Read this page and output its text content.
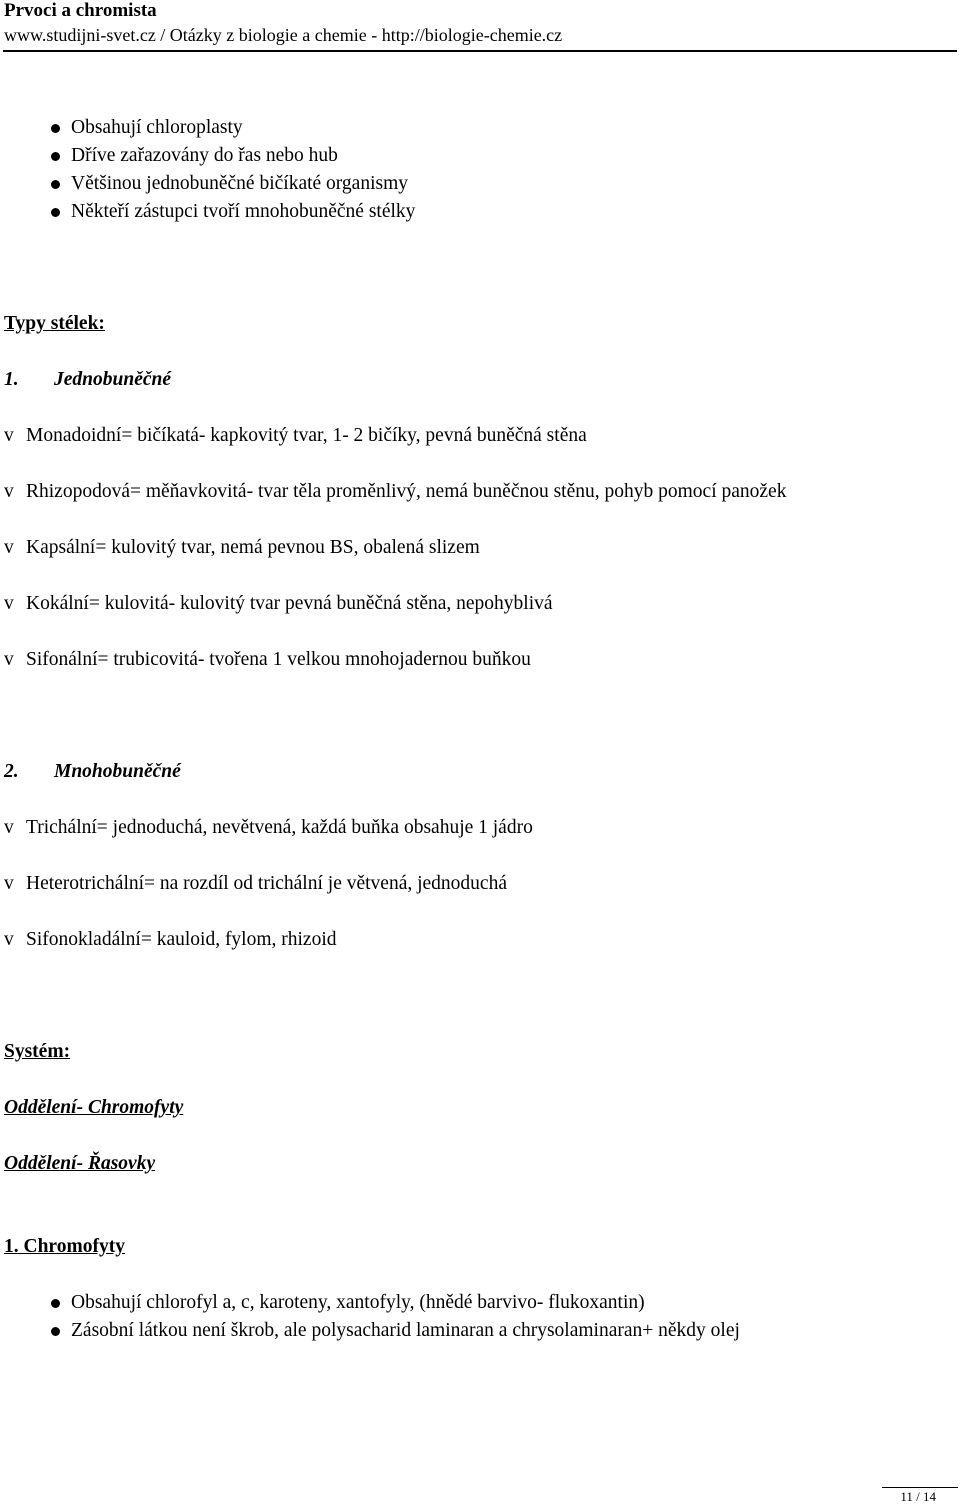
Prvoci a chromista
www.studijni-svet.cz / Otázky z biologie a chemie - http://biologie-chemie.cz
Obsahují chloroplasty
Dříve zařazovány do řas nebo hub
Většinou jednobuněčné bičíkaté organismy
Někteří zástupci tvoří mnohobuněčné stélky
Typy stélek:
1. Jednobuněčné
v Monadoidní= bičíkatá- kapkovitý tvar, 1- 2 bičíky, pevná buněčná stěna
v Rhizopodová= měňavkovitá- tvar těla proměnlivý, nemá buněčnou stěnu, pohyb pomocí panožek
v Kapsální= kulovitý tvar, nemá pevnou BS, obalená slizem
v Kokální= kulovitá- kulovitý tvar pevná buněčná stěna, nepohyblivá
v Sifonální= trubicovitá- tvořena 1 velkou mnohojadernou buňkou
2. Mnohobuněčné
v Trichální= jednoduchá, nevětvená, každá buňka obsahuje 1 jádro
v Heterotrichální= na rozdíl od trichální je větvená, jednoduchá
v Sifonokladální= kauloid, fylom, rhizoid
Systém:
Oddělení- Chromofyty
Oddělení- Řasovky
1. Chromofyty
Obsahují chlorofyl a, c, karoteny, xantofyly, (hnědé barvivo- flukoxantin)
Zásobní látkou není škrob, ale polysacharid laminaran a chrysolaminaran+ někdy olej
11 / 14
